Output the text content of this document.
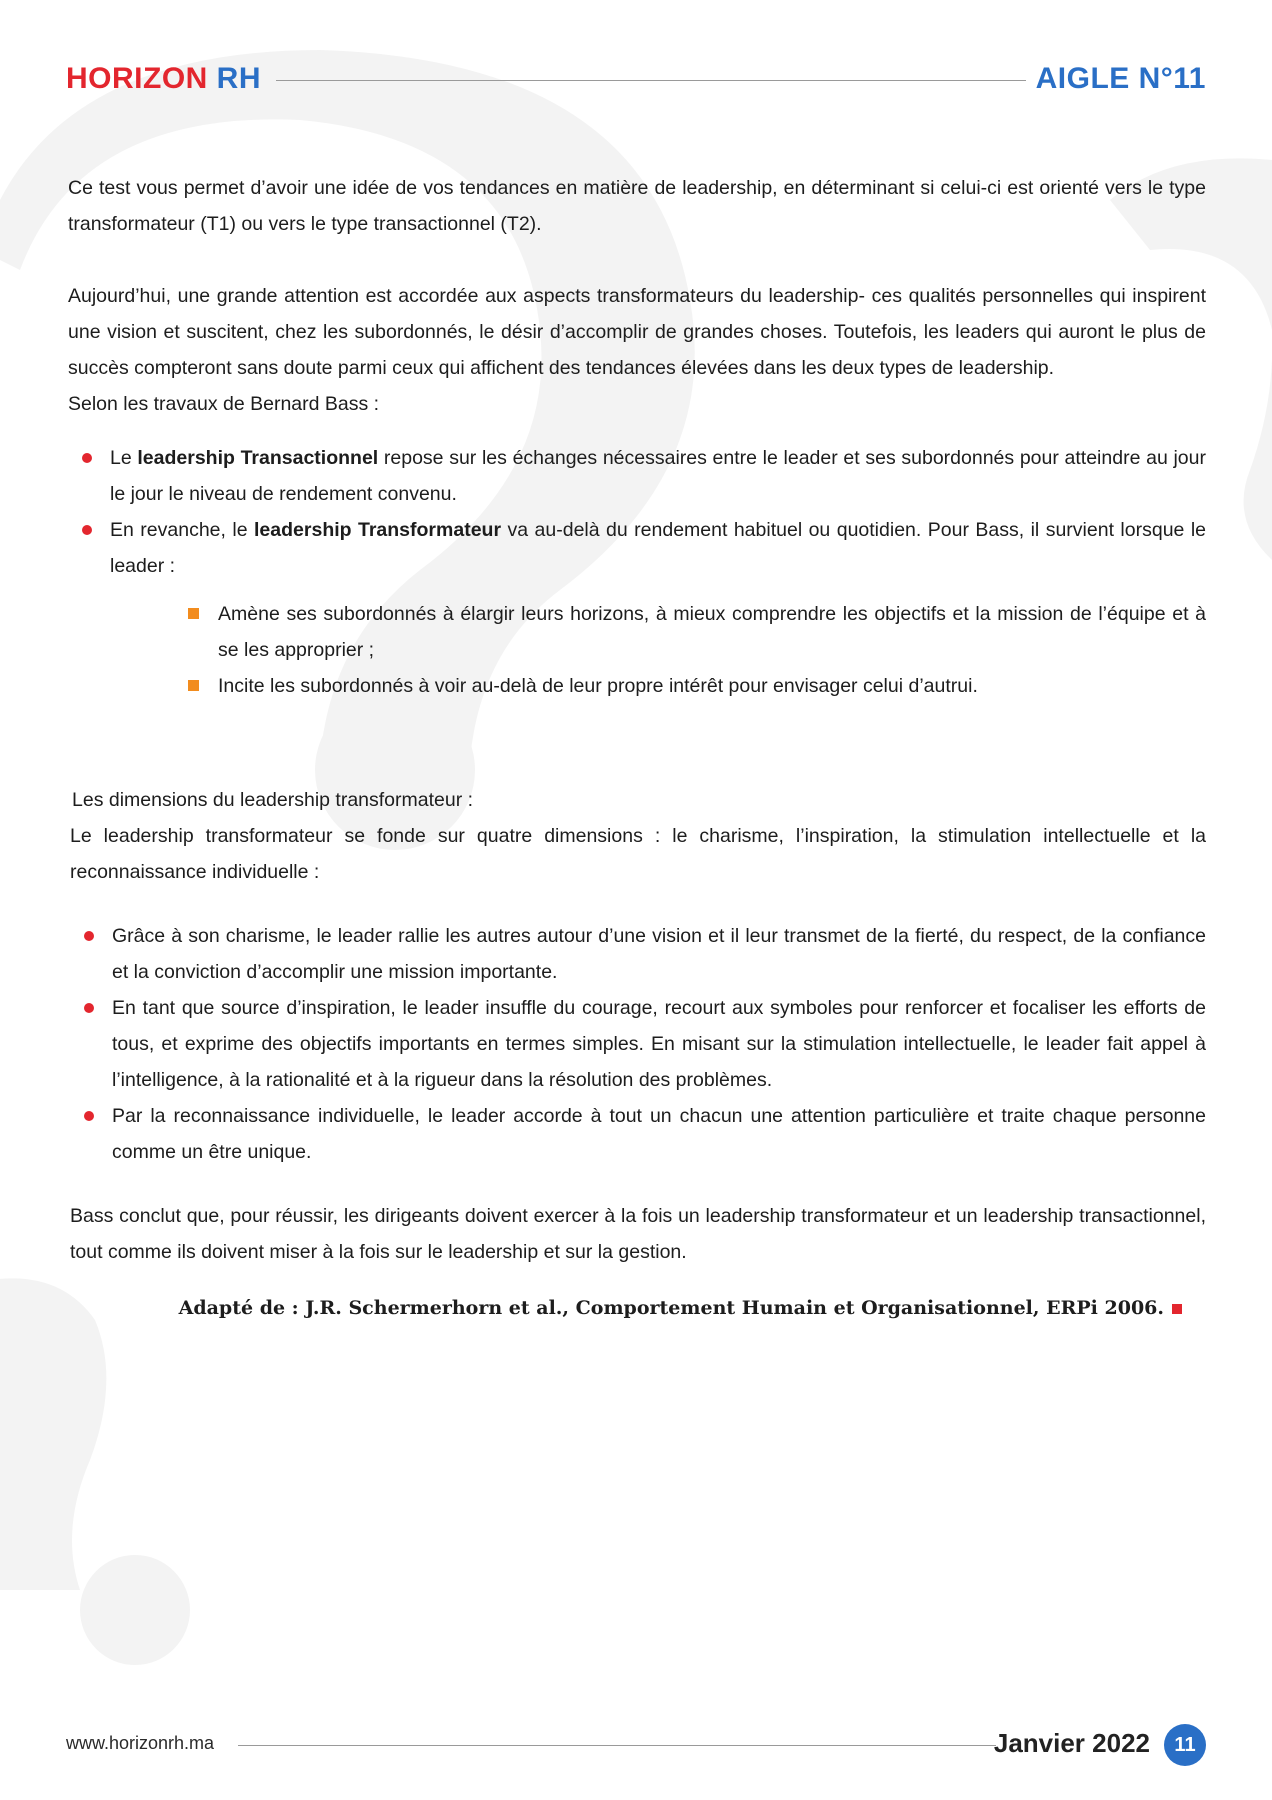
HORIZON RH	AIGLE N°11

Ce test vous permet d’avoir une idée de vos tendances en matière de leadership, en déterminant si celui-ci est orienté vers le type transformateur (T1) ou vers le type transactionnel (T2).

Aujourd’hui, une grande attention est accordée aux aspects transformateurs du leadership- ces qualités personnelles qui inspirent une vision et suscitent, chez les subordonnés, le désir d’accomplir de grandes choses. Toutefois, les leaders qui auront le plus de succès compteront sans doute parmi ceux qui affichent des tendances élevées dans les deux types de leadership.

Selon les travaux de Bernard Bass :

Le leadership Transactionnel repose sur les échanges nécessaires entre le leader et ses subordonnés pour atteindre au jour le jour le niveau de rendement convenu.
En revanche, le leadership Transformateur va au-delà du rendement habituel ou quotidien. Pour Bass, il survient lorsque le leader :
Amène ses subordonnés à élargir leurs horizons, à mieux comprendre les objectifs et la mission de l’équipe et à se les approprier ;
Incite les subordonnés à voir au-delà de leur propre intérêt pour envisager celui d’autrui.

Les dimensions du leadership transformateur :

Le leadership transformateur se fonde sur quatre dimensions : le charisme, l’inspiration, la stimulation intellectuelle et la reconnaissance individuelle :

Grâce à son charisme, le leader rallie les autres autour d’une vision et il leur transmet de la fierté, du respect, de la confiance et la conviction d’accomplir une mission importante.
En tant que source d’inspiration, le leader insuffle du courage, recourt aux symboles pour renforcer et focaliser les efforts de tous, et exprime des objectifs importants en termes simples. En misant sur la stimulation intellectuelle, le leader fait appel à l’intelligence, à la rationalité et à la rigueur dans la résolution des problèmes.
Par la reconnaissance individuelle, le leader accorde à tout un chacun une attention particulière et traite chaque personne comme un être unique.

Bass conclut que, pour réussir, les dirigeants doivent exercer à la fois un leadership transformateur et un leadership transactionnel, tout comme ils doivent miser à la fois sur le leadership et sur la gestion.

Adapté de : J.R. Schermerhorn et al., Comportement Humain et Organisationnel, ERPi 2006.

www.horizonrh.ma	Janvier 2022	11
